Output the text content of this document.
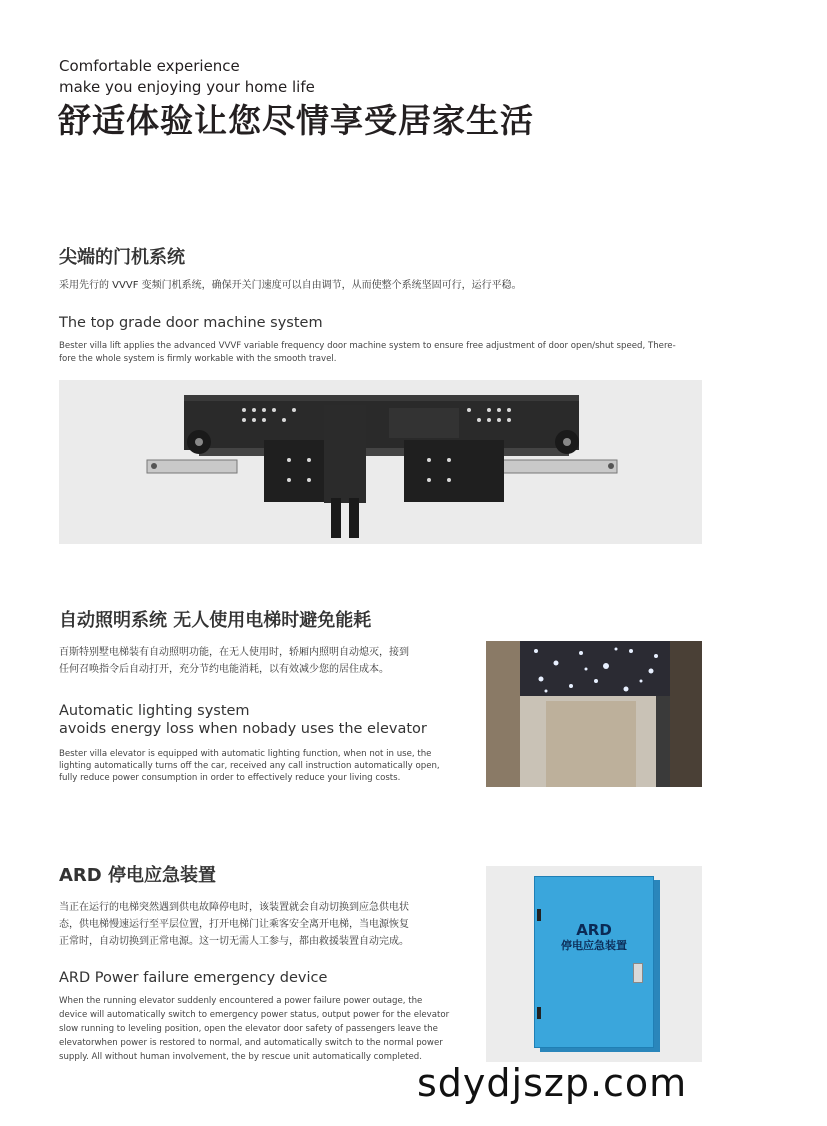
Comfortable experience
make you enjoying your home life
舒适体验让您尽情享受居家生活
尖端的门机系统
采用先行的 VVVF 变频门机系统，确保开关门速度可以自由调节，从而使整个系统坚固可行，运行平稳。
The top grade door machine system
Bester villa lift applies the advanced VVVF variable frequency door machine system to ensure free adjustment of door open/shut speed, There-
fore the whole system is firmly workable with the smooth travel.
自动照明系统 无人使用电梯时避免能耗
百斯特别墅电梯装有自动照明功能，在无人使用时，轿厢内照明自动熄灭，接到
任何召唤指令后自动打开，充分节约电能消耗，以有效减少您的居住成本。
Automatic lighting system
avoids energy loss when nobady uses the elevator
Bester villa elevator is equipped with automatic lighting function, when not in use, the
lighting automatically turns off the car, received any call instruction automatically open,
fully reduce power consumption in order to effectively reduce your living costs.
ARD 停电应急装置
当正在运行的电梯突然遇到供电故障停电时，该装置就会自动切换到应急供电状
态，供电梯慢速运行至平层位置，打开电梯门让乘客安全离开电梯，当电源恢复
正常时，自动切换到正常电源。这一切无需人工参与，都由救援装置自动完成。
ARD Power failure emergency device
When the running elevator suddenly encountered a power failure power outage, the
device will automatically switch to emergency power status, output power for the elevator
slow running to leveling position, open the elevator door safety of passengers leave the
elevatorwhen power is restored to normal, and automatically switch to the normal power
supply. All without human involvement, the by rescue unit automatically completed.
ARD
停电应急装置
sdydjszp.com
